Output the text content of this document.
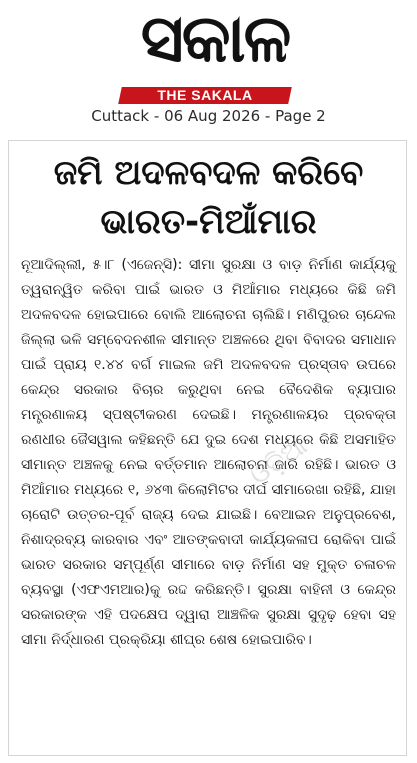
ସକାଳ
THE SAKALA
Cuttack - 06 Aug 2026 - Page 2
ଜମି ଅଦଳବଦଳ କରିବେ
ଭାରତ-ମିଆଁମାର

ନୂଆଦିଲ୍ଲୀ, ୫।୮ (ଏଜେନ୍ସି): ସୀମା ସୁରକ୍ଷା ଓ ବାଡ଼ ନିର୍ମାଣ କାର୍ଯ୍ୟକୁ ତ୍ୱରାନ୍ୱିତ କରିବା ପାଇଁ ଭାରତ ଓ ମିଆଁମାର ମଧ୍ୟରେ କିଛି ଜମି ଅଦଳବଦଳ ହୋଇପାରେ ବୋଲି ଆଲୋଚନା ଚାଲିଛି। ମଣିପୁରର ଚାନ୍ଦେଲ ଜିଲ୍ଲା ଭଳି ସମ୍ବେଦନଶୀଳ ସୀମାନ୍ତ ଅଞ୍ଚଳରେ ଥିବା ବିବାଦର ସମାଧାନ ପାଇଁ ପ୍ରାୟ ୧.୪୪ ବର୍ଗ ମାଇଲ ଜମି ଅଦଳବଦଳ ପ୍ରସ୍ତାବ ଉପରେ କେନ୍ଦ୍ର ସରକାର ବିଚାର କରୁଥିବା ନେଇ ବୈଦେଶିକ ବ୍ୟାପାର ମନ୍ତ୍ରଣାଳୟ ସ୍ପଷ୍ଟୀକରଣ ଦେଇଛି। ମନ୍ତ୍ରଣାଳୟର ପ୍ରବକ୍ତା ରଣଧୀର ଜୈସୱାଲ କହିଛନ୍ତି ଯେ ଦୁଇ ଦେଶ ମଧ୍ୟରେ କିଛି ଅସମାହିତ ସୀମାନ୍ତ ଅଞ୍ଚଳକୁ ନେଇ ବର୍ତ୍ତମାନ ଆଲୋଚନା ଜାରି ରହିଛି। ଭାରତ ଓ ମିଆଁମାର ମଧ୍ୟରେ ୧, ୬୪୩ କିଲୋମିଟର ଦୀର୍ଘ ସୀମାରେଖା ରହିଛି, ଯାହା ଚାରୋଟି ଉତ୍ତର-ପୂର୍ବ ରାଜ୍ୟ ଦେଇ ଯାଇଛି। ବେଆଇନ ଅନୁପ୍ରବେଶ, ନିଶାଦ୍ରବ୍ୟ କାରବାର ଏବଂ ଆତଙ୍କବାଦୀ କାର୍ଯ୍ୟକଳାପ ରୋକିବା ପାଇଁ ଭାରତ ସରକାର ସମ୍ପୂର୍ଣ୍ଣ ସୀମାରେ ବାଡ଼ ନିର୍ମାଣ ସହ ମୁକ୍ତ ଚଳାଚଳ ବ୍ୟବସ୍ଥା (ଏଫଏମଆର)କୁ ରଦ୍ଦ କରିଛନ୍ତି। ସୁରକ୍ଷା ବାହିନୀ ଓ କେନ୍ଦ୍ର ସରକାରଙ୍କ ଏହି ପଦକ୍ଷେପ ଦ୍ୱାରା ଆଞ୍ଚଳିକ ସୁରକ୍ଷା ସୁଦୃଢ଼ ହେବା ସହ ସୀମା ନିର୍ଦ୍ଧାରଣ ପ୍ରକ୍ରିୟା ଶୀଘ୍ର ଶେଷ ହୋଇପାରିବ।

ଓଡ଼ିଆ
